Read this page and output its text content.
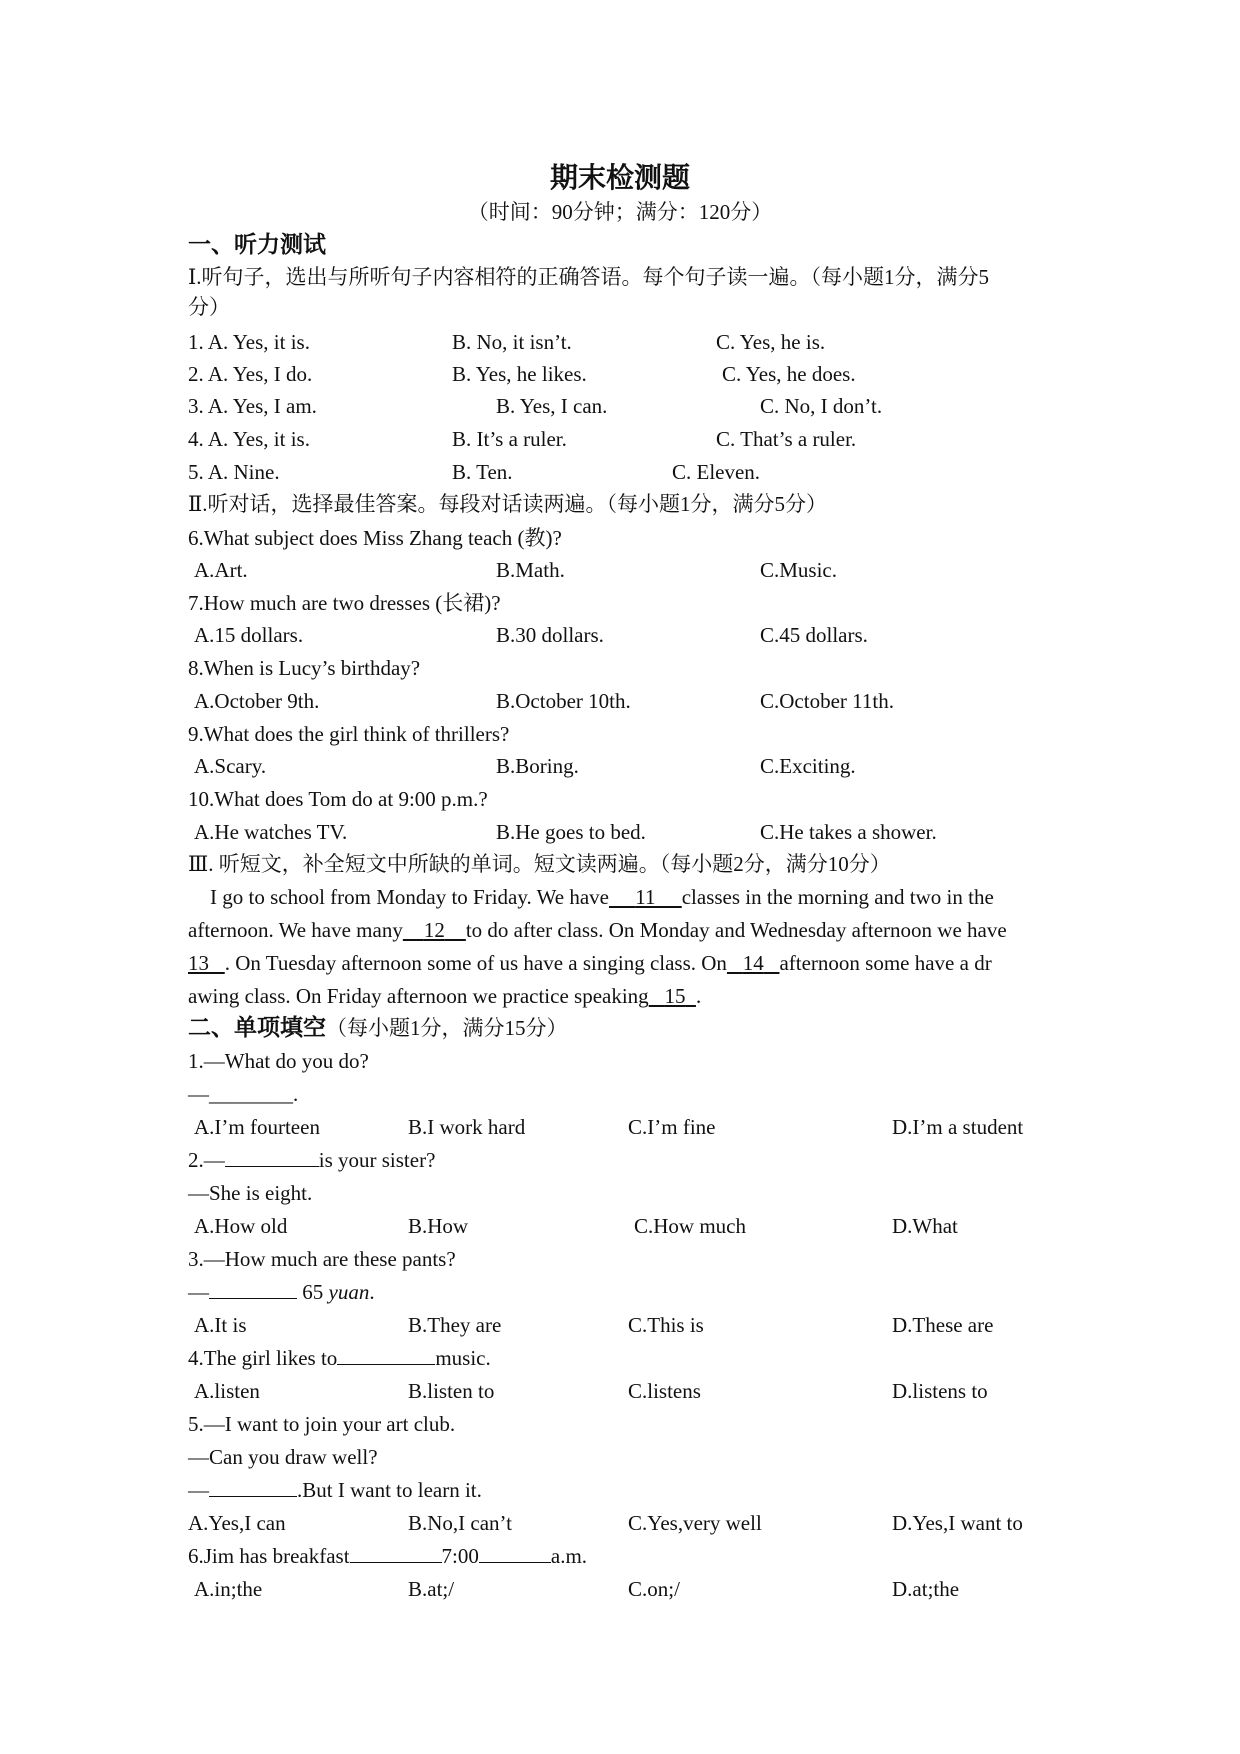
期末检测题
（时间：90分钟；满分：120分）
一、听力测试
Ⅰ.听句子，选出与所听句子内容相符的正确答语。每个句子读一遍。（每小题1分，满分5
分）
1. A. Yes, it is.	B. No, it isn’t.	C. Yes, he is.
2. A. Yes, I do.	B. Yes, he likes.	C. Yes, he does.
3. A. Yes, I am.	B. Yes, I can.	C. No, I don’t.
4. A. Yes, it is.	B. It’s a ruler.	C. That’s a ruler.
5. A. Nine.	B. Ten.	C. Eleven.
Ⅱ.听对话，选择最佳答案。每段对话读两遍。（每小题1分，满分5分）
6.What subject does Miss Zhang teach (教)?
A.Art.	B.Math.	C.Music.
7.How much are two dresses (长裙)?
A.15 dollars.	B.30 dollars.	C.45 dollars.
8.When is Lucy’s birthday?
A.October 9th.	B.October 10th.	C.October 11th.
9.What does the girl think of thrillers?
A.Scary.	B.Boring.	C.Exciting.
10.What does Tom do at 9:00 p.m.?
A.He watches TV.	B.He goes to bed.	C.He takes a shower.
Ⅲ. 听短文，补全短文中所缺的单词。短文读两遍。（每小题2分，满分10分）
I go to school from Monday to Friday. We have 11 classes in the morning and two in the
afternoon. We have many 12 to do after class. On Monday and Wednesday afternoon we have
13 . On Tuesday afternoon some of us have a singing class. On 14 afternoon some have a dr
awing class. On Friday afternoon we practice speaking 15 .
二、单项填空（每小题1分，满分15分）
1.—What do you do?
—________.
A.I’m fourteen	B.I work hard	C.I’m fine	D.I’m a student
2.—	is your sister?
—She is eight.
A.How old	B.How	C.How much	D.What
3.—How much are these pants?
—	65 yuan.
A.It is	B.They are	C.This is	D.These are
4.The girl likes to	music.
A.listen	B.listen to	C.listens	D.listens to
5.—I want to join your art club.
—Can you draw well?
—	.But I want to learn it.
A.Yes,I can	B.No,I can’t	C.Yes,very well	D.Yes,I want to
6.Jim has breakfast	7:00	a.m.
A.in;the	B.at;/	C.on;/	D.at;the
